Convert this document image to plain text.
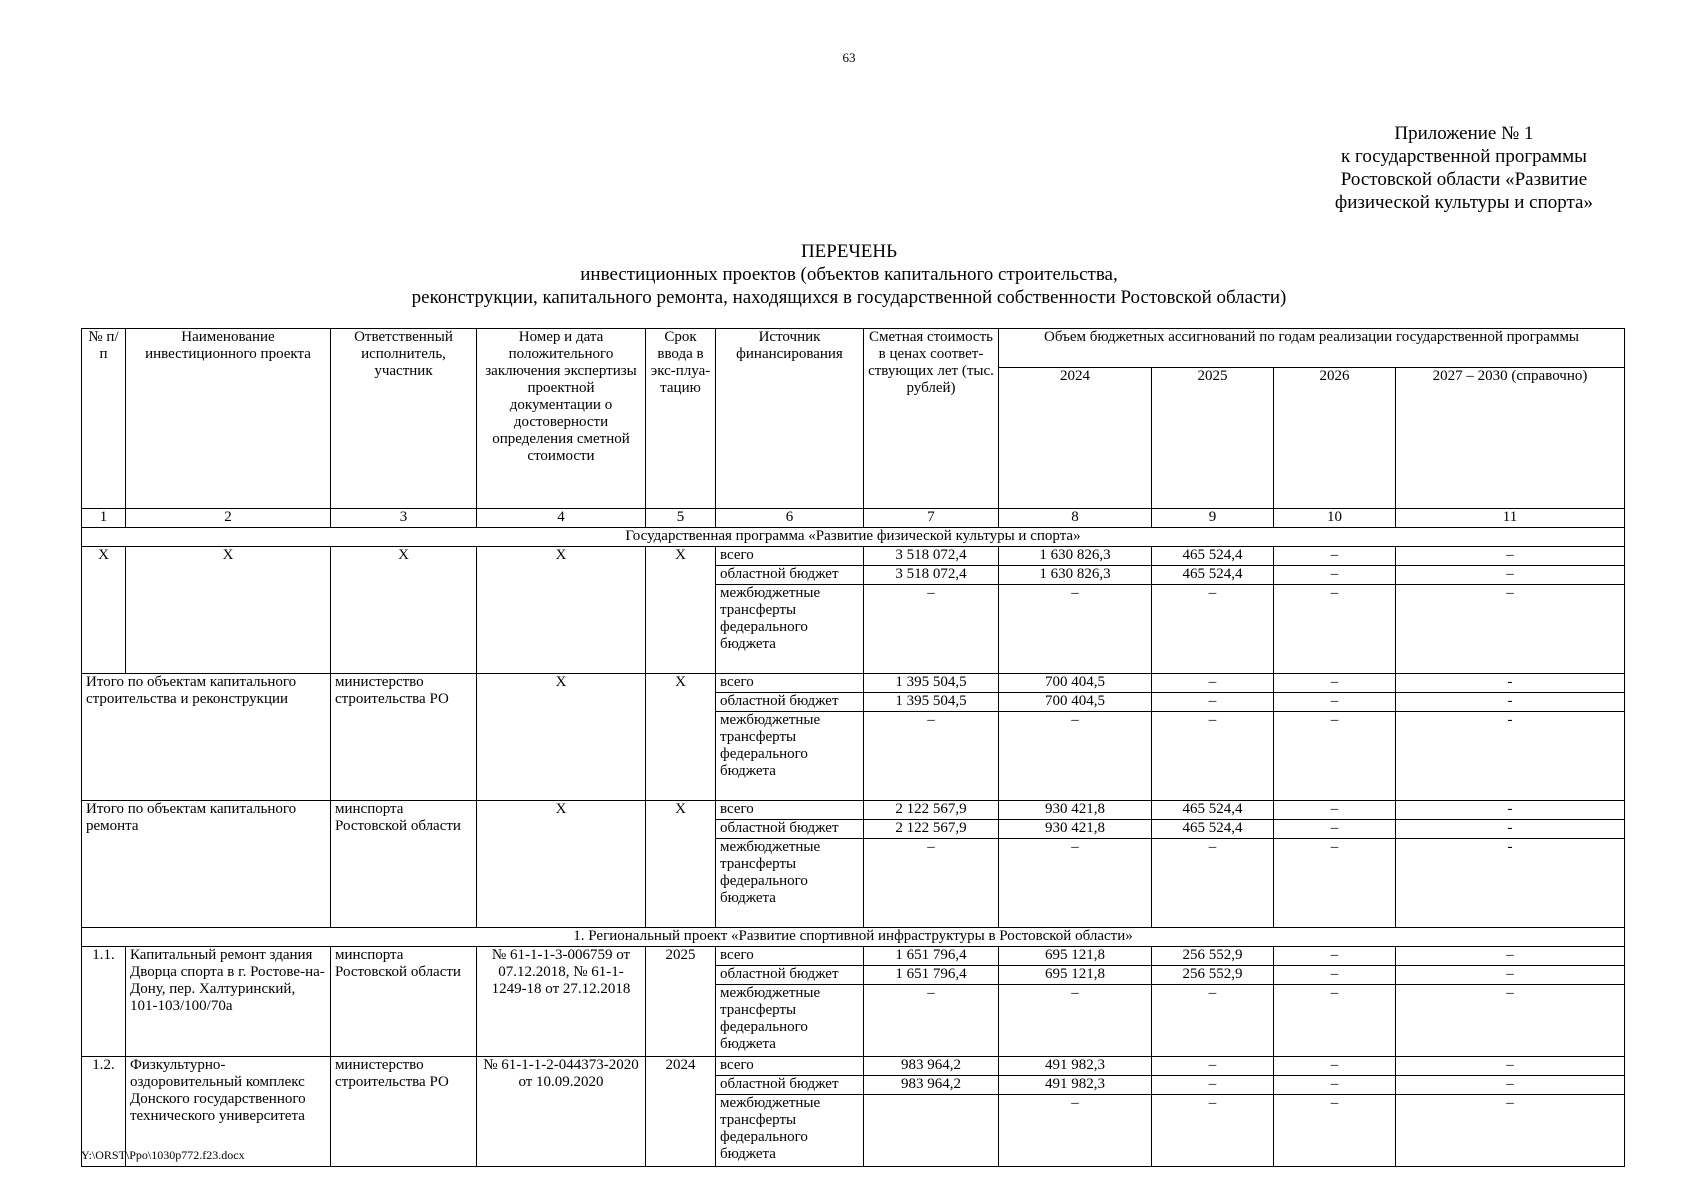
63
Приложение № 1
к государственной программы
Ростовской области «Развитие
физической культуры и спорта»
ПЕРЕЧЕНЬ
инвестиционных проектов (объектов капитального строительства,
реконструкции, капитального ремонта, находящихся в государственной собственности Ростовской области)
№ п/п	Наименование инвестиционного проекта	Ответственный исполнитель, участник	Номер и дата положительного заключения экспертизы проектной документации о достоверности определения сметной стоимости	Срок ввода в экс-плуа-тацию	Источник финансирования	Сметная стоимость в ценах соответ-ствующих лет (тыс. рублей)	Объем бюджетных ассигнований по годам реализации государственной программы			
							2024	2025	2026	2027 – 2030 (справочно)
1	2	3	4	5	6	7	8	9	10	11
Государственная программа «Развитие физической культуры и спорта»										
Х	Х	Х	Х	Х	всего	3 518 072,4	1 630 826,3	465 524,4	–	–
					областной бюджет	3 518 072,4	1 630 826,3	465 524,4	–	–
					межбюджетные трансферты федерального бюджета	–	–	–	–	–
Итого по объектам капитального строительства и реконструкции		министерство строительства РО	Х	Х	всего	1 395 504,5	700 404,5	–	–	-
					областной бюджет	1 395 504,5	700 404,5	–	–	-
					межбюджетные трансферты федерального бюджета	–	–	–	–	-
Итого по объектам капитального ремонта		минспорта Ростовской области	Х	Х	всего	2 122 567,9	930 421,8	465 524,4	–	-
					областной бюджет	2 122 567,9	930 421,8	465 524,4	–	-
					межбюджетные трансферты федерального бюджета	–	–	–	–	-
1. Региональный проект «Развитие спортивной инфраструктуры в Ростовской области»										
1.1.	Капитальный ремонт здания Дворца спорта в г. Ростове-на-Дону, пер. Халтуринский, 101-103/100/70а	минспорта Ростовской области	№ 61-1-1-3-006759 от 07.12.2018, № 61-1-1249-18 от 27.12.2018	2025	всего	1 651 796,4	695 121,8	256 552,9	–	–
					областной бюджет	1 651 796,4	695 121,8	256 552,9	–	–
					межбюджетные трансферты федерального бюджета	–	–	–	–	–
1.2.	Физкультурно-оздоровительный комплекс Донского государственного технического университета	министерство строительства РО	№ 61-1-1-2-044373-2020 от 10.09.2020	2024	всего	983 964,2	491 982,3	–	–	–
					областной бюджет	983 964,2	491 982,3	–	–	–
					межбюджетные трансферты федерального бюджета		–	–	–	–
Y:\ORST\Ppo\1030p772.f23.docx
